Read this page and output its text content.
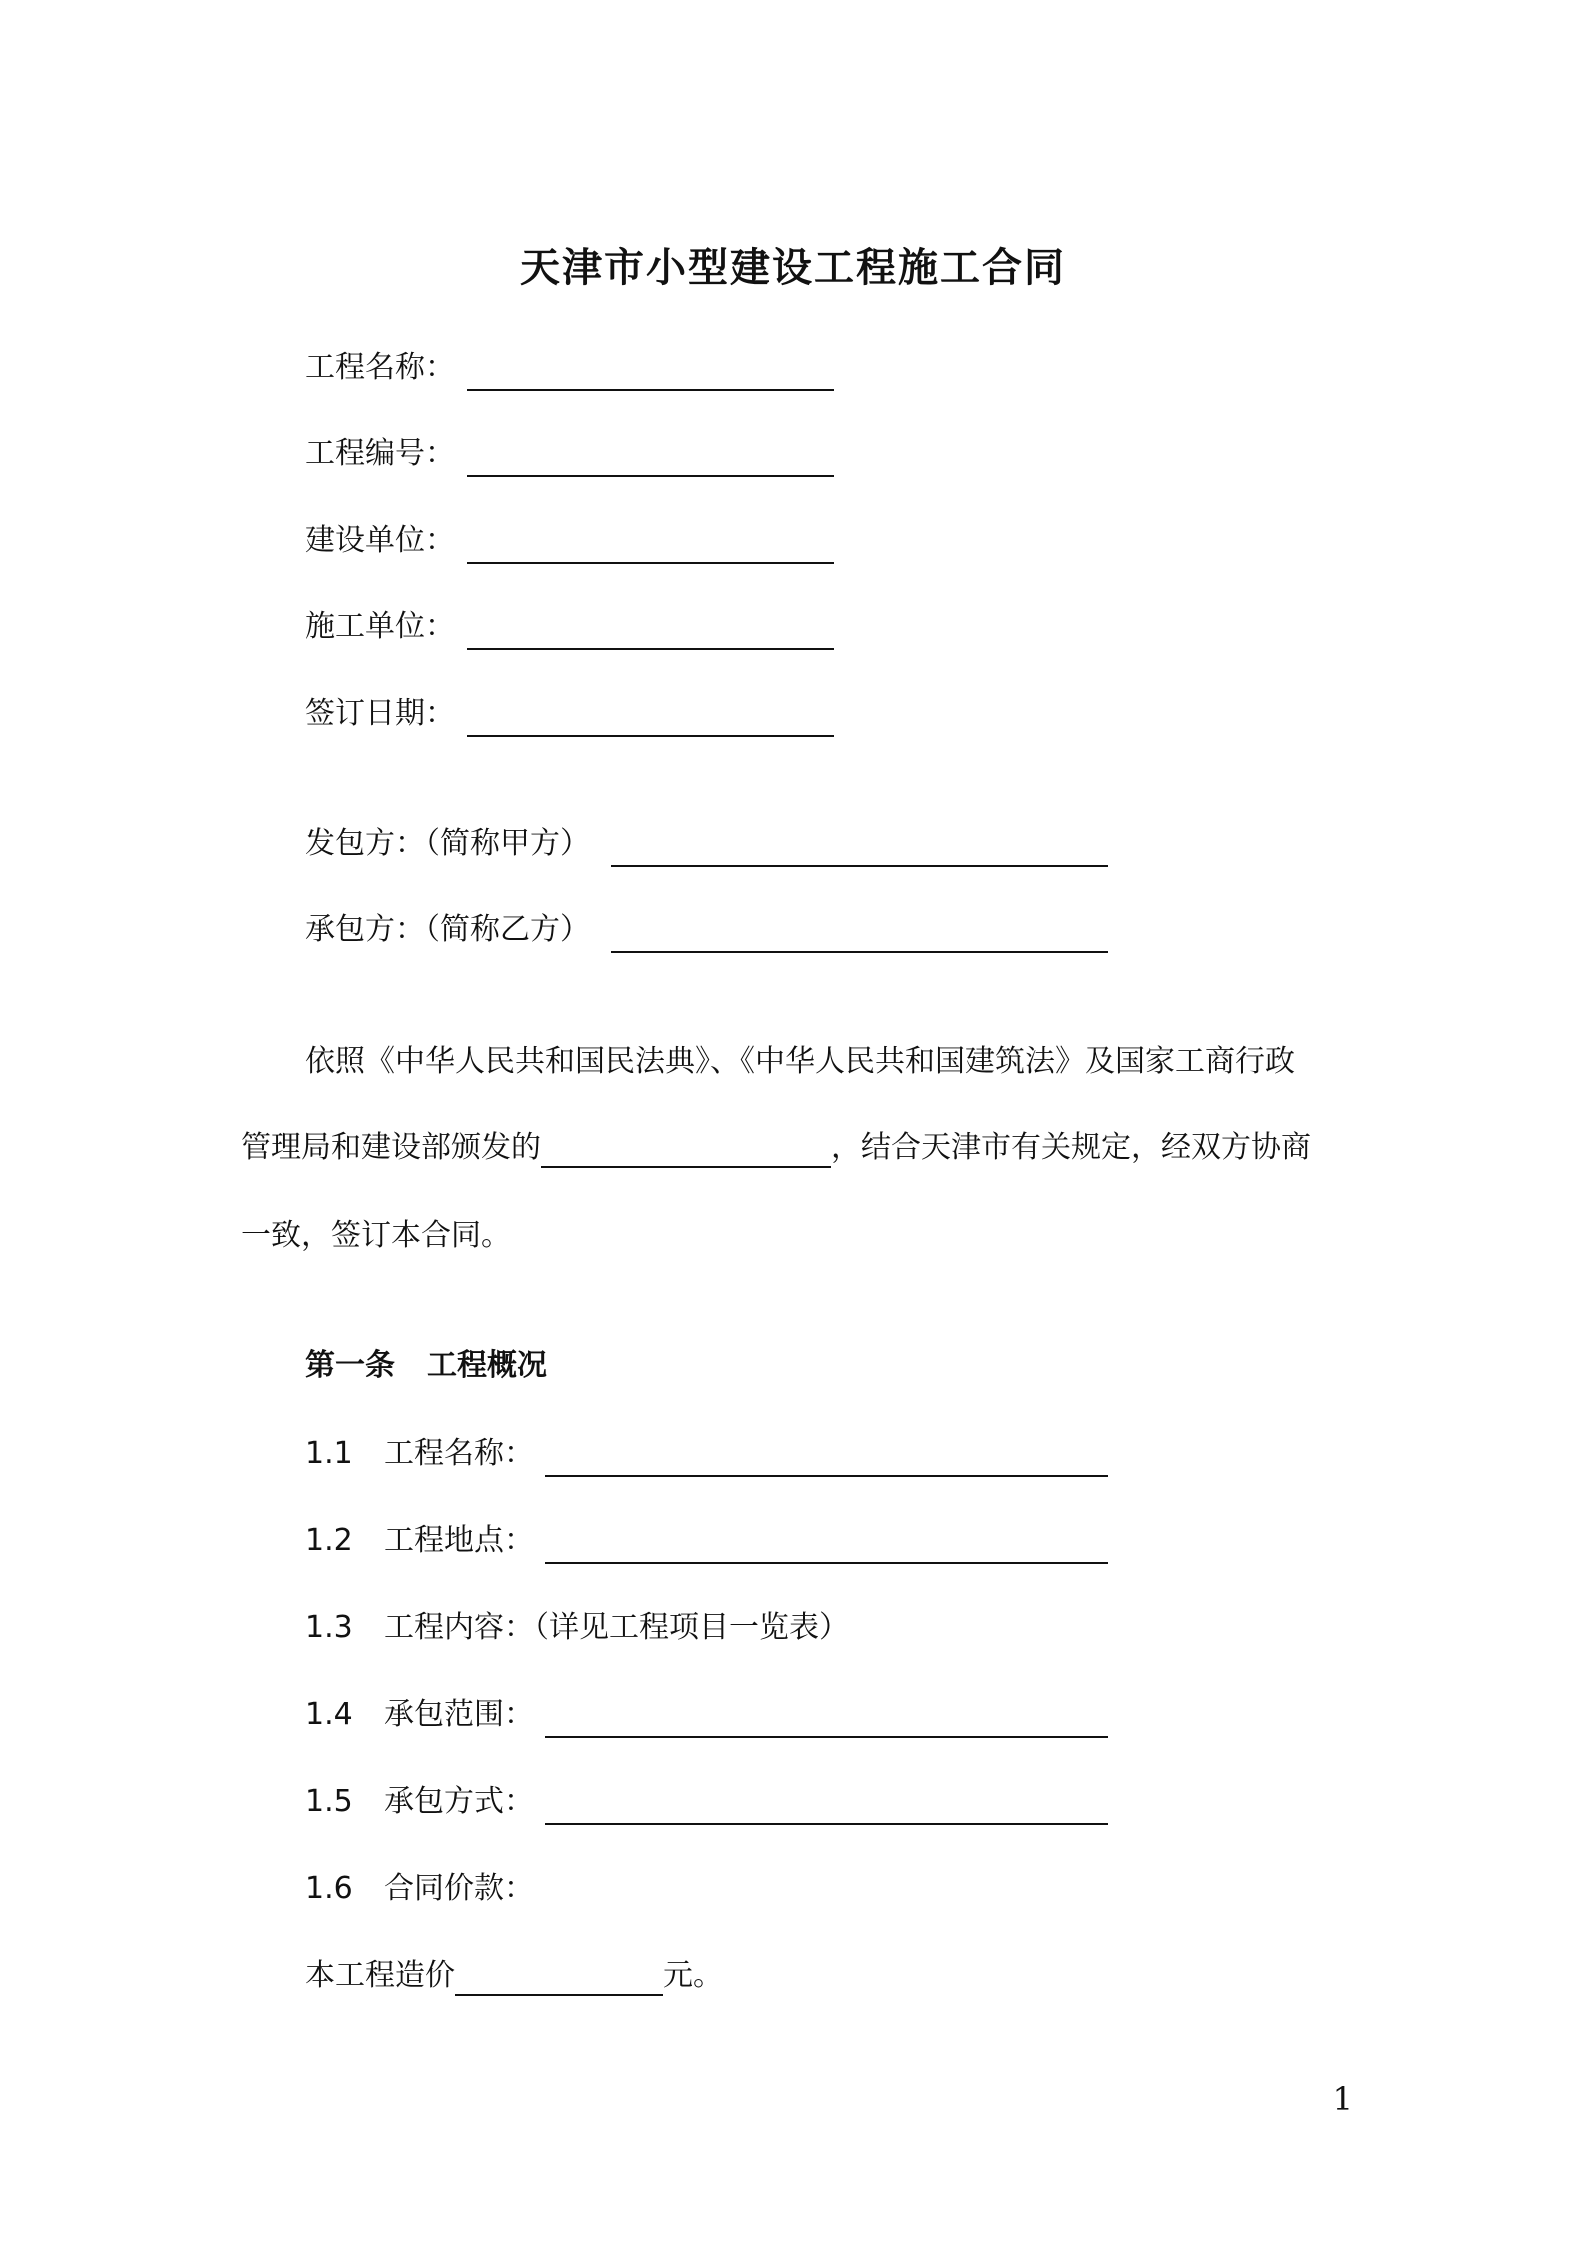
天津市小型建设工程施工合同
工程名称：
工程编号：
建设单位：
施工单位：
签订日期：
发包方：（简称甲方）
承包方：（简称乙方）
依照《中华人民共和国民法典》、《中华人民共和国建筑法》及国家工商行政
管理局和建设部颁发的	，结合天津市有关规定，经双方协商
一致，签订本合同。
第一条 工程概况
1.1 工程名称：
1.2 工程地点：
1.3 工程内容：（详见工程项目一览表）
1.4 承包范围：
1.5 承包方式：
1.6 合同价款：
本工程造价	元。
1
